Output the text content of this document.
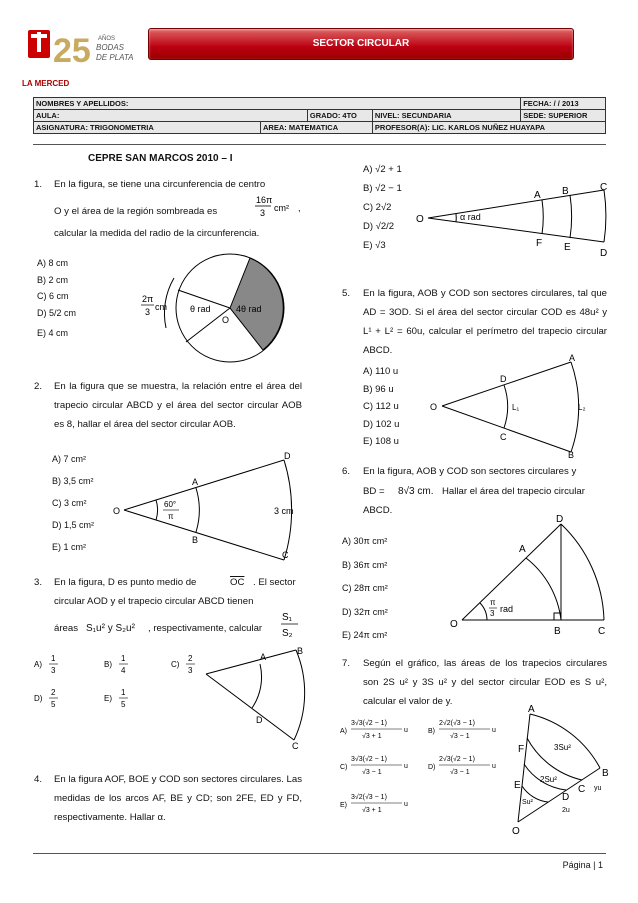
25 AÑOS
BODAS
DE PLATA
LA MERCED
SECTOR CIRCULAR
NOMBRES Y APELLIDOS:				FECHA: / / 2013
AULA:		GRADO: 4TO	NIVEL: SECUNDARIA	SEDE: SUPERIOR
ASIGNATURA: TRIGONOMETRIA	AREA: MATEMATICA		PROFESOR(A): LIC. KARLOS NUÑEZ HUAYAPA	
CEPRE SAN MARCOS 2010 – I
1. En la figura, se tiene una circunferencia de centro
O y el área de la región sombreada es
16π
3 cm² ,
calcular la medida del radio de la circunferencia.
A) 8 cm
B) 2 cm
C) 6 cm
D) 5/2 cm
E) 4 cm
2π
3 cm	θ rad	4θ rad
O
2. En la figura que se muestra, la relación entre el área del trapecio circular ABCD y el área del sector circular AOB es 8, hallar el área del sector circular AOB.
A) 7 cm²
B) 3,5 cm²
C) 3 cm²
D) 1,5 cm²
E) 1 cm²
O
A
B
D
C
60°
π
3 cm
3. En la figura, D es punto medio de	$\overline{OC}$ . El sector
circular AOD y el trapecio circular ABCD tienen
áreas S₁u² y S₂u² , respectivamente, calcular
S₁
S₂
A)
1
3
B)
1
4
C)
2
3
D)
2
5
E)
1
5
A
B
D
C
4. En la figura AOF, BOE y COD son sectores circulares. Las medidas de los arcos AF, BE y CD; son 2FE, ED y FD, respectivamente. Hallar α.
A) √2 + 1
B) √2 − 1
C) 2√2
D) √2/2
E) √3
O	α rad
A B	C
F E
D
5. En la figura, AOB y COD son sectores circulares, tal que AD = 3OD. Si el área del sector circular COD es 48u² y L¹ + L² = 60u, calcular el perímetro del trapecio circular ABCD.
A) 110 u
B) 96 u
C) 112 u
D) 102 u
E) 108 u
O
D
C
A
B
L₁	L₂
6. En la figura, AOB y COD son sectores circulares y
BD = 8√3 cm. Hallar el área del trapecio circular
ABCD.
A) 30π cm²
B) 36π cm²
C) 28π cm²
D) 32π cm²
E) 24π cm²
O
A
D
B	C
π
3 rad
7. Según el gráfico, las áreas de los trapecios circulares son 2S u² y 3S u² y del sector circular EOD es S u², calcular el valor de y.
A)
3√3(√2 − 1)
√3 + 1
u	B)
2√2(√3 − 1)
√3 − 1
u
C)
3√3(√2 − 1)
√3 − 1
u	D)
2√3(√2 − 1)
√3 − 1
u
E)
3√2(√3 − 1)
√3 + 1
u
A
B
C
D
E
F
O
3Su²
2Su²
Su²
yu
2u
Página | 1
